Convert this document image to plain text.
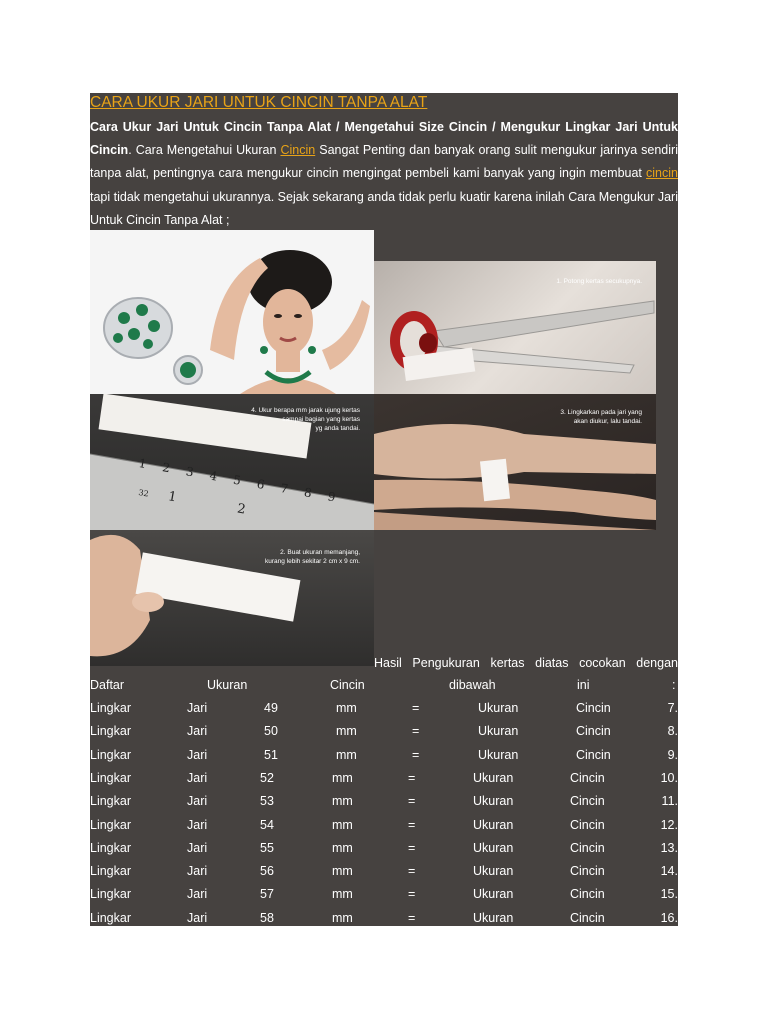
CARA UKUR JARI UNTUK CINCIN TANPA ALAT

Cara Ukur Jari Untuk Cincin Tanpa Alat / Mengetahui Size Cincin / Mengukur Lingkar Jari Untuk Cincin. Cara Mengetahui Ukuran Cincin Sangat Penting dan banyak orang sulit mengukur jarinya sendiri tanpa alat, pentingnya cara mengukur cincin mengingat pembeli kami banyak yang ingin membuat cincin tapi tidak mengetahui ukurannya. Sejak sekarang anda tidak perlu kuatir karena inilah Cara Mengukur Jari Untuk Cincin Tanpa Alat ;

1. Potong kertas secukupnya.
4. Ukur berapa mm jarak ujung kertas
sampai bagian yang kertas
yg anda tandai.
1 2 3 4 5 6 7 8 9
32 12
3. Lingkarkan pada jari yang
akan diukur, lalu tandai.
2. Buat ukuran memanjang,
kurang lebih sekitar 2 cm x 9 cm.
Hasil Pengukuran kertas diatas cocokan dengan
Daftar	Ukuran	Cincin	dibawah	ini	:
Lingkar	Jari	49	mm	=	Ukuran	Cincin	7.
Lingkar	Jari	50	mm	=	Ukuran	Cincin	8.
Lingkar	Jari	51	mm	=	Ukuran	Cincin	9.
Lingkar	Jari	52	mm	=	Ukuran	Cincin	10.
Lingkar	Jari	53	mm	=	Ukuran	Cincin	11.
Lingkar	Jari	54	mm	=	Ukuran	Cincin	12.
Lingkar	Jari	55	mm	=	Ukuran	Cincin	13.
Lingkar	Jari	56	mm	=	Ukuran	Cincin	14.
Lingkar	Jari	57	mm	=	Ukuran	Cincin	15.
Lingkar	Jari	58	mm	=	Ukuran	Cincin	16.
